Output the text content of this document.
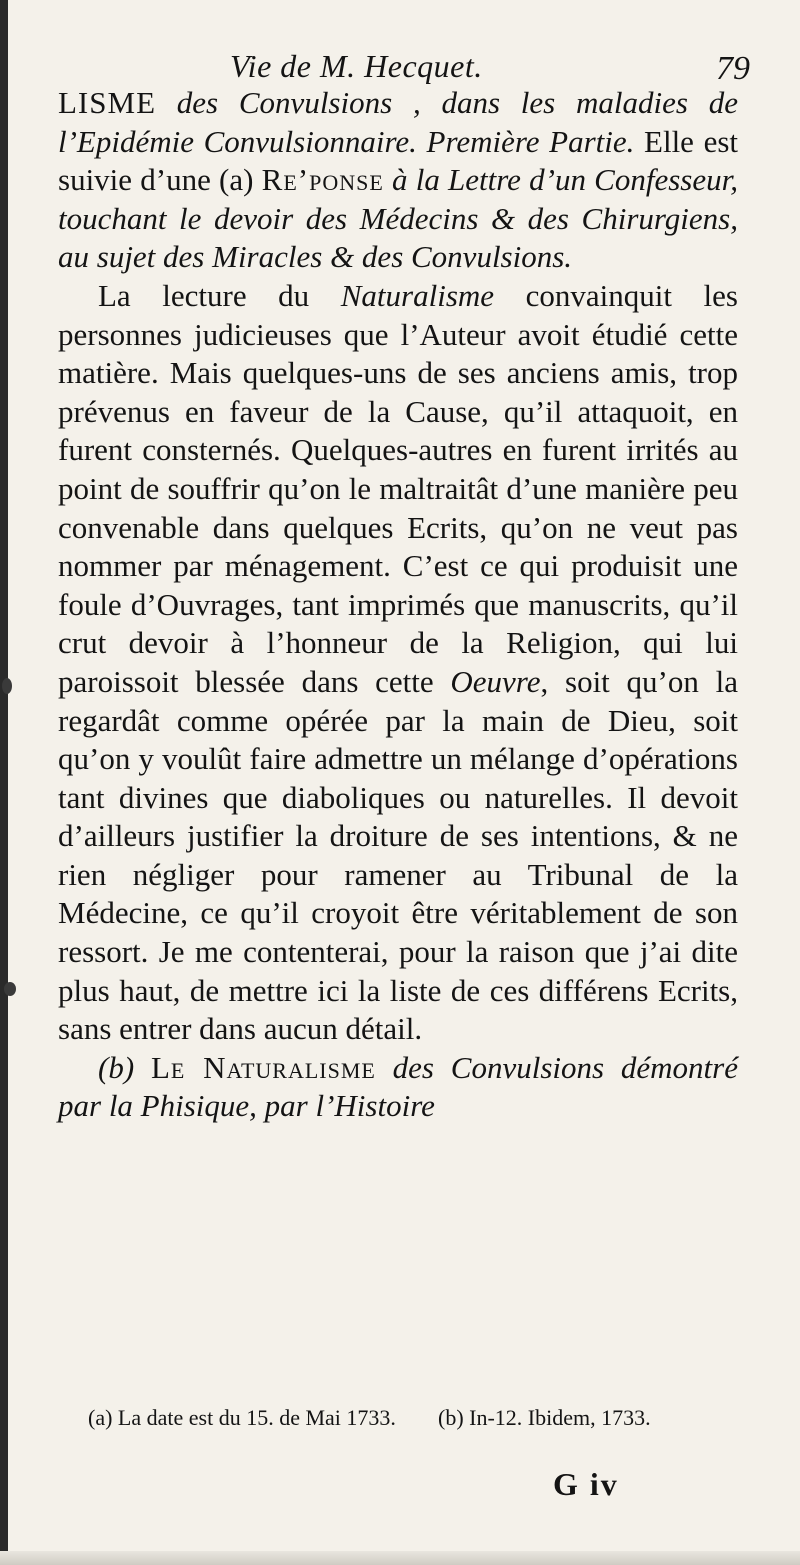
Vie de M. Hecquet.	79

LISME des Convulsions , dans les maladies de l’Epidémie Convulsionnaire. Première Partie. Elle est suivie d’une (a) Re’ponse à la Lettre d’un Confesseur, touchant le devoir des Médecins & des Chirurgiens, au sujet des Miracles & des Convulsions.

La lecture du Naturalisme convainquit les personnes judicieuses que l’Auteur avoit étudié cette matière. Mais quelques-uns de ses anciens amis, trop prévenus en faveur de la Cause, qu’il attaquoit, en furent consternés. Quelques-autres en furent irrités au point de souffrir qu’on le maltraitât d’une manière peu convenable dans quelques Ecrits, qu’on ne veut pas nommer par ménagement. C’est ce qui produisit une foule d’Ouvrages, tant imprimés que manuscrits, qu’il crut devoir à l’honneur de la Religion, qui lui paroissoit blessée dans cette Oeuvre, soit qu’on la regardât comme opérée par la main de Dieu, soit qu’on y voulût faire admettre un mélange d’opérations tant divines que diaboliques ou naturelles. Il devoit d’ailleurs justifier la droiture de ses intentions, & ne rien négliger pour ramener au Tribunal de la Médecine, ce qu’il croyoit être véritablement de son ressort. Je me contenterai, pour la raison que j’ai dite plus haut, de mettre ici la liste de ces différens Ecrits, sans entrer dans aucun détail.

(b) Le Naturalisme des Convulsions démontré par la Phisique, par l’Histoire

(a) La date est du 15. de Mai 1733.	(b) In-12. Ibidem, 1733.
G iv
